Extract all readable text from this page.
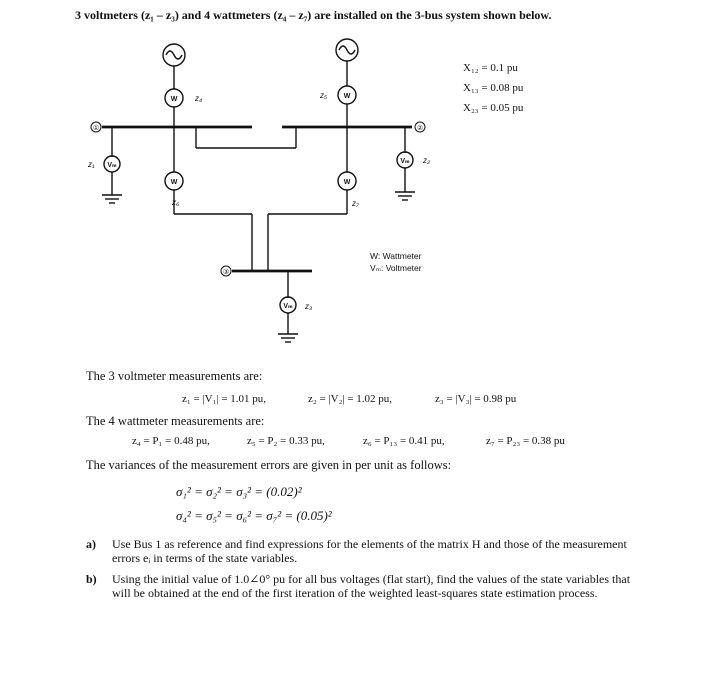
3 voltmeters (z₁ – z₃) and 4 wattmeters (z₄ – z₇) are installed on the 3-bus system shown below.
X₁₂ = 0.1 pu
X₁₃ = 0.08 pu
X₂₃ = 0.05 pu
W
W
W
W
Vₘ
Vₘ
Vₘ
①	②
③
z₄	z₅
z₁	z₂
z₆	z₇
z₃
W: Wattmeter
Vₘ: Voltmeter
The 3 voltmeter measurements are:
z₁ = |V₁| = 1.01 pu,	z₂ = |V₂| = 1.02 pu,	z₃ = |V₃| = 0.98 pu
The 4 wattmeter measurements are:
z₄ = P₁ = 0.48 pu,	z₅ = P₂ = 0.33 pu,	z₆ = P₁₃ = 0.41 pu,	z₇ = P₂₃ = 0.38 pu
The variances of the measurement errors are given in per unit as follows:
σ₁² = σ₂² = σ₃² = (0.02)²
σ₄² = σ₅² = σ₆² = σ₇² = (0.05)²
a) Use Bus 1 as reference and find expressions for the elements of the matrix H and those of the measurement errors eᵢ in terms of the state variables.
b) Using the initial value of 1.0∠0° pu for all bus voltages (flat start), find the values of the state variables that will be obtained at the end of the first iteration of the weighted least-squares state estimation process.
